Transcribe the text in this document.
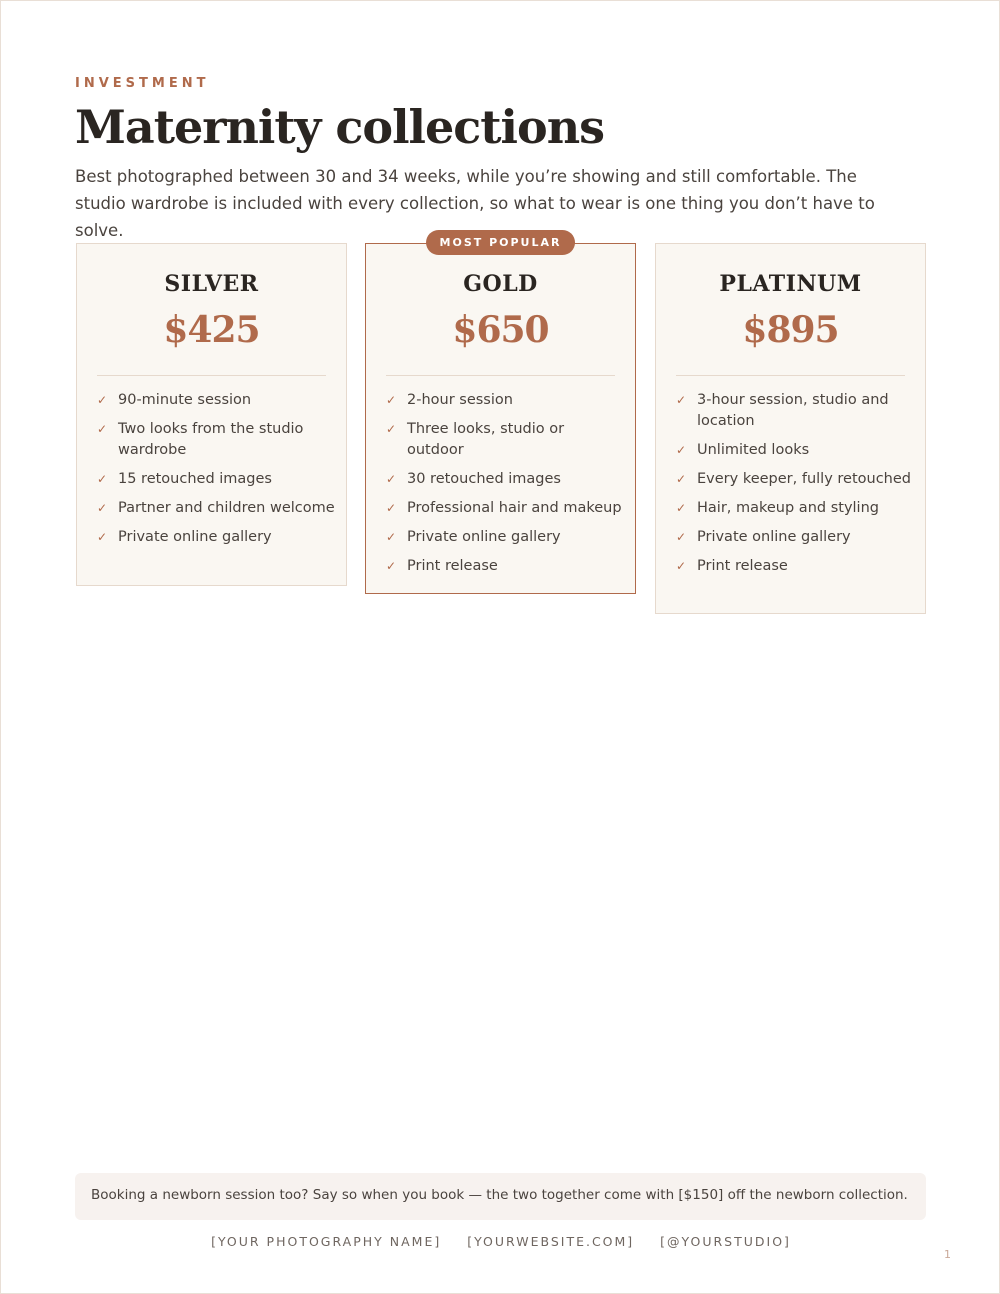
INVESTMENT
Maternity collections
Best photographed between 30 and 34 weeks, while you’re showing and still comfortable. The studio wardrobe is included with every collection, so what to wear is one thing you don’t have to solve.
SILVER
$425
✓ 90-minute session
✓ Two looks from the studio wardrobe
✓ 15 retouched images
✓ Partner and children welcome
✓ Private online gallery
MOST POPULAR
GOLD
$650
✓ 2-hour session
✓ Three looks, studio or outdoor
✓ 30 retouched images
✓ Professional hair and makeup
✓ Private online gallery
✓ Print release
PLATINUM
$895
✓ 3-hour session, studio and location
✓ Unlimited looks
✓ Every keeper, fully retouched
✓ Hair, makeup and styling
✓ Private online gallery
✓ Print release
Booking a newborn session too? Say so when you book — the two together come with [$150] off the newborn collection.
[YOUR PHOTOGRAPHY NAME] [YOURWEBSITE.COM] [@YOURSTUDIO]
1
